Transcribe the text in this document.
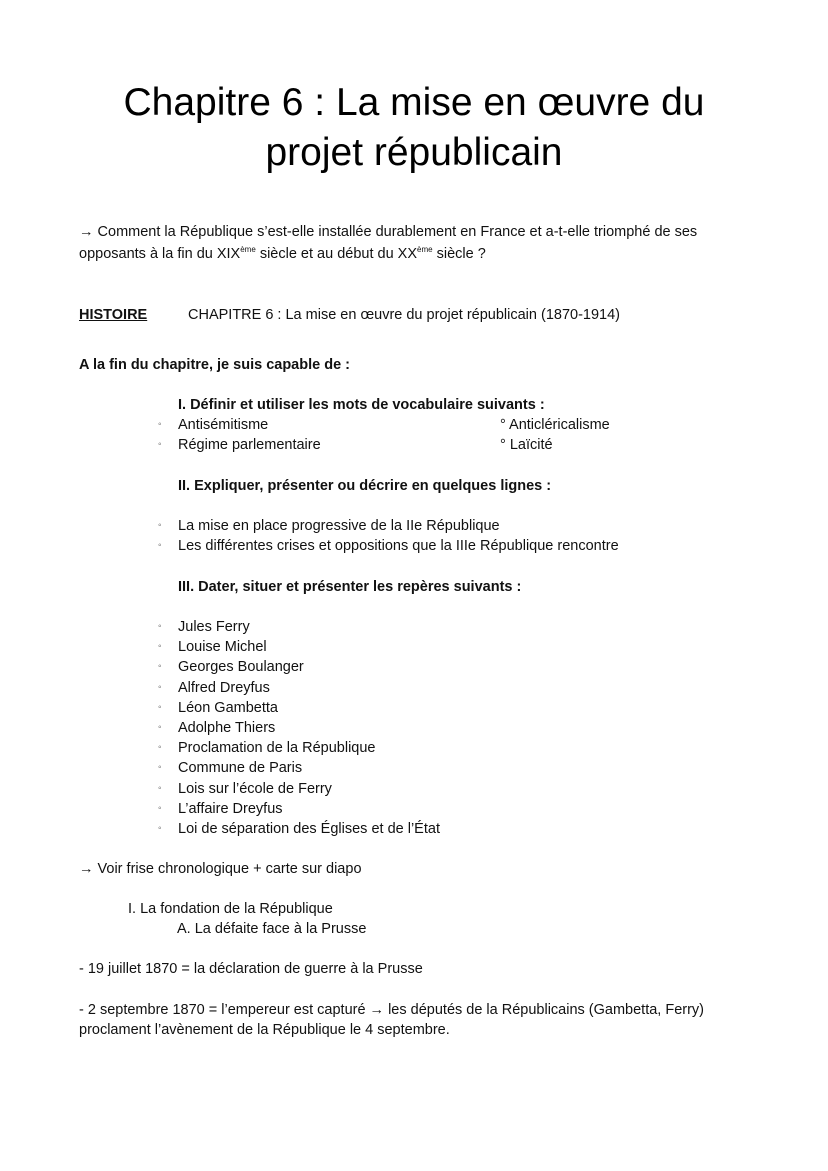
Chapitre 6 : La mise en œuvre du
projet républicain
→ Comment la République s’est-elle installée durablement en France et a-t-elle triomphé de ses
opposants à la fin du XIXème siècle et au début du XXème siècle ?
HISTOIRE	CHAPITRE 6 : La mise en œuvre du projet républicain (1870-1914)
A la fin du chapitre, je suis capable de :
I. Définir et utiliser les mots de vocabulaire suivants :
◦ Antisémitisme
◦ Régime parlementaire
° Anticléricalisme
° Laïcité
II. Expliquer, présenter ou décrire en quelques lignes :
◦ La mise en place progressive de la IIe République
◦ Les différentes crises et oppositions que la IIIe République rencontre
III. Dater, situer et présenter les repères suivants :
◦ Jules Ferry
◦ Louise Michel
◦ Georges Boulanger
◦ Alfred Dreyfus
◦ Léon Gambetta
◦ Adolphe Thiers
◦ Proclamation de la République
◦ Commune de Paris
◦ Lois sur l’école de Ferry
◦ L’affaire Dreyfus
◦ Loi de séparation des Églises et de l’État
→ Voir frise chronologique + carte sur diapo
I. La fondation de la République
A. La défaite face à la Prusse
- 19 juillet 1870 = la déclaration de guerre à la Prusse
- 2 septembre 1870 = l’empereur est capturé → les députés de la Républicains (Gambetta, Ferry)
proclament l’avènement de la République le 4 septembre.
